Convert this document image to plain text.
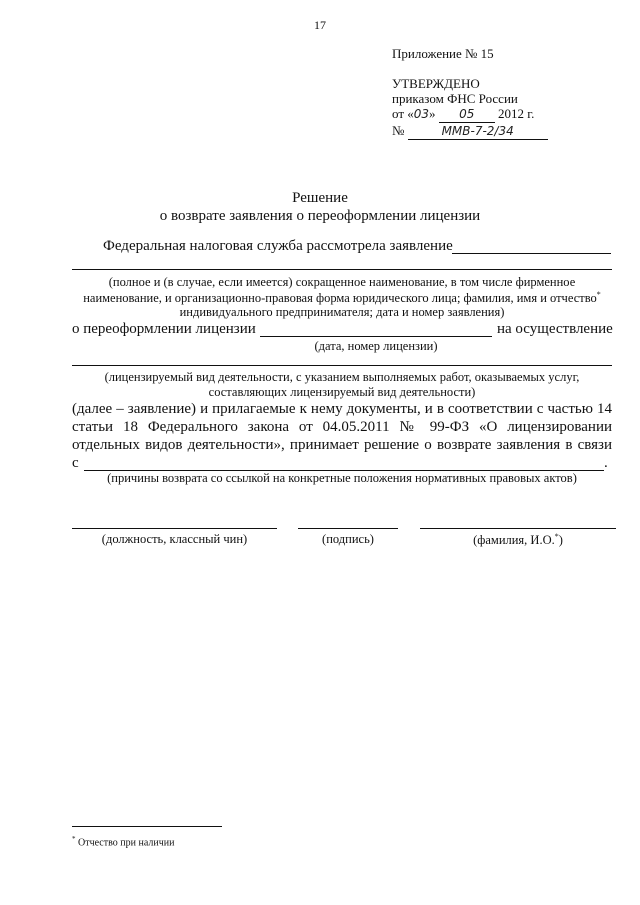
17
Приложение № 15
УТВЕРЖДЕНО
приказом ФНС России
от «03» 05 2012 г.
№	ММВ-7-2/34
Решение
о возврате заявления о переоформлении лицензии
Федеральная налоговая служба рассмотрела заявление
(полное и (в случае, если имеется) сокращенное наименование, в том числе фирменное
наименование, и организационно-правовая форма юридического лица; фамилия, имя и отчество*
индивидуального предпринимателя; дата и номер заявления)
о переоформлении лицензии	на осуществление
(дата, номер лицензии)
(лицензируемый вид деятельности, с указанием выполняемых работ, оказываемых услуг,
составляющих лицензируемый вид деятельности)
(далее – заявление) и прилагаемые к нему документы, и в соответствии с частью 14
статьи 18 Федерального закона от 04.05.2011 № 99-ФЗ «О лицензировании
отдельных видов деятельности», принимает решение о возврате заявления в связи
с	.
(причины возврата со ссылкой на конкретные положения нормативных правовых актов)
(должность, классный чин)	(подпись)	(фамилия, И.О.*)
* Отчество при наличии
